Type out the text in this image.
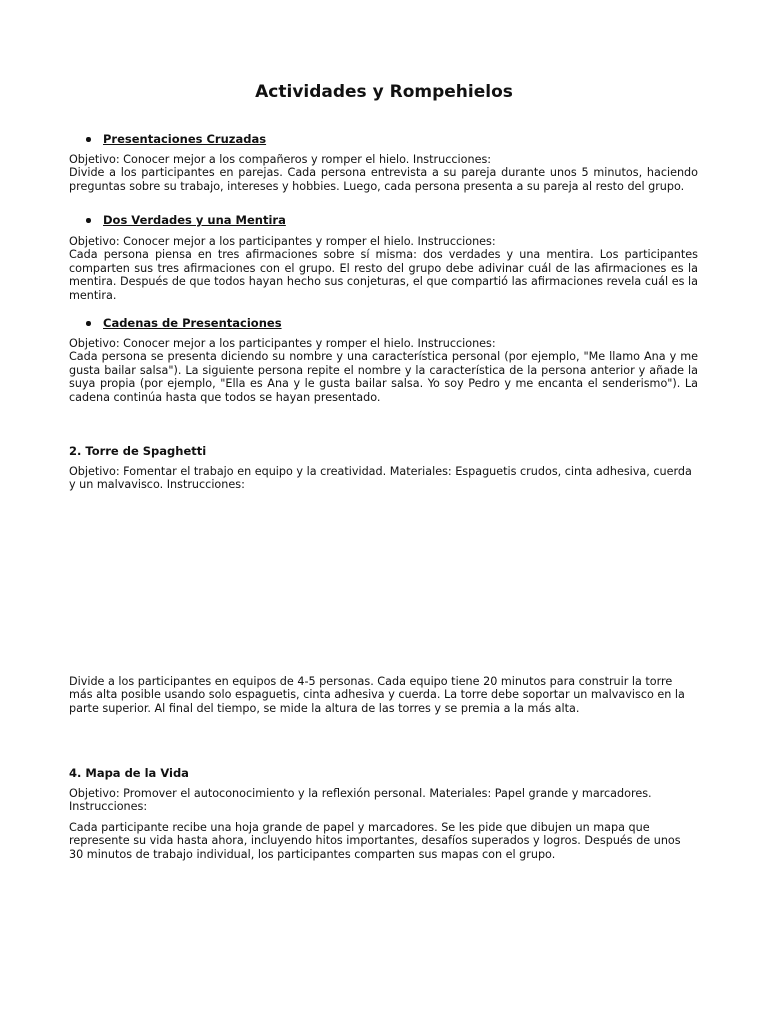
Actividades y Rompehielos
Presentaciones Cruzadas

Objetivo: Conocer mejor a los compañeros y romper el hielo. Instrucciones:

Divide a los participantes en parejas. Cada persona entrevista a su pareja durante unos 5 minutos, haciendo preguntas sobre su trabajo, intereses y hobbies. Luego, cada persona presenta a su pareja al resto del grupo.

Dos Verdades y una Mentira

Objetivo: Conocer mejor a los participantes y romper el hielo. Instrucciones:

Cada persona piensa en tres afirmaciones sobre sí misma: dos verdades y una mentira. Los participantes comparten sus tres afirmaciones con el grupo. El resto del grupo debe adivinar cuál de las afirmaciones es la mentira. Después de que todos hayan hecho sus conjeturas, el que compartió las afirmaciones revela cuál es la mentira.

Cadenas de Presentaciones

Objetivo: Conocer mejor a los participantes y romper el hielo. Instrucciones:

Cada persona se presenta diciendo su nombre y una característica personal (por ejemplo, "Me llamo Ana y me gusta bailar salsa"). La siguiente persona repite el nombre y la característica de la persona anterior y añade la suya propia (por ejemplo, "Ella es Ana y le gusta bailar salsa. Yo soy Pedro y me encanta el senderismo"). La cadena continúa hasta que todos se hayan presentado.

2. Torre de Spaghetti

Objetivo: Fomentar el trabajo en equipo y la creatividad. Materiales: Espaguetis crudos, cinta adhesiva, cuerda y un malvavisco. Instrucciones:

Divide a los participantes en equipos de 4-5 personas. Cada equipo tiene 20 minutos para construir la torre más alta posible usando solo espaguetis, cinta adhesiva y cuerda. La torre debe soportar un malvavisco en la parte superior. Al final del tiempo, se mide la altura de las torres y se premia a la más alta.

4. Mapa de la Vida

Objetivo: Promover el autoconocimiento y la reflexión personal. Materiales: Papel grande y marcadores. Instrucciones:

Cada participante recibe una hoja grande de papel y marcadores. Se les pide que dibujen un mapa que represente su vida hasta ahora, incluyendo hitos importantes, desafíos superados y logros. Después de unos 30 minutos de trabajo individual, los participantes comparten sus mapas con el grupo.
